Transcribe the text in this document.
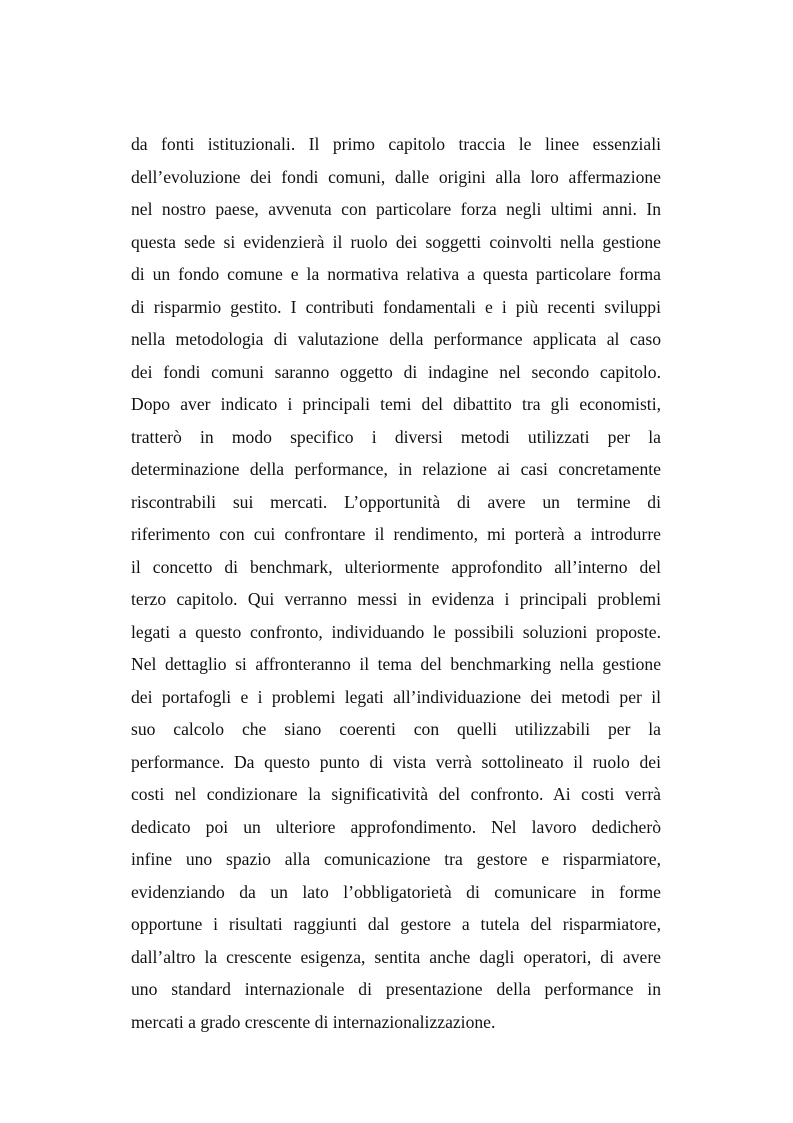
da fonti istituzionali. Il primo capitolo traccia le linee essenziali
dell’evoluzione dei fondi comuni, dalle origini alla loro affermazione
nel nostro paese, avvenuta con particolare forza negli ultimi anni. In
questa sede si evidenzierà il ruolo dei soggetti coinvolti nella gestione
di un fondo comune e la normativa relativa a questa particolare forma
di risparmio gestito. I contributi fondamentali e i più recenti sviluppi
nella metodologia di valutazione della performance applicata al caso
dei fondi comuni saranno oggetto di indagine nel secondo capitolo.
Dopo aver indicato i principali temi del dibattito tra gli economisti,
tratterò in modo specifico i diversi metodi utilizzati per la
determinazione della performance, in relazione ai casi concretamente
riscontrabili sui mercati. L’opportunità di avere un termine di
riferimento con cui confrontare il rendimento, mi porterà a introdurre
il concetto di benchmark, ulteriormente approfondito all’interno del
terzo capitolo. Qui verranno messi in evidenza i principali problemi
legati a questo confronto, individuando le possibili soluzioni proposte.
Nel dettaglio si affronteranno il tema del benchmarking nella gestione
dei portafogli e i problemi legati all’individuazione dei metodi per il
suo calcolo che siano coerenti con quelli utilizzabili per la
performance. Da questo punto di vista verrà sottolineato il ruolo dei
costi nel condizionare la significatività del confronto. Ai costi verrà
dedicato poi un ulteriore approfondimento. Nel lavoro dedicherò
infine uno spazio alla comunicazione tra gestore e risparmiatore,
evidenziando da un lato l’obbligatorietà di comunicare in forme
opportune i risultati raggiunti dal gestore a tutela del risparmiatore,
dall’altro la crescente esigenza, sentita anche dagli operatori, di avere
uno standard internazionale di presentazione della performance in
mercati a grado crescente di internazionalizzazione.
